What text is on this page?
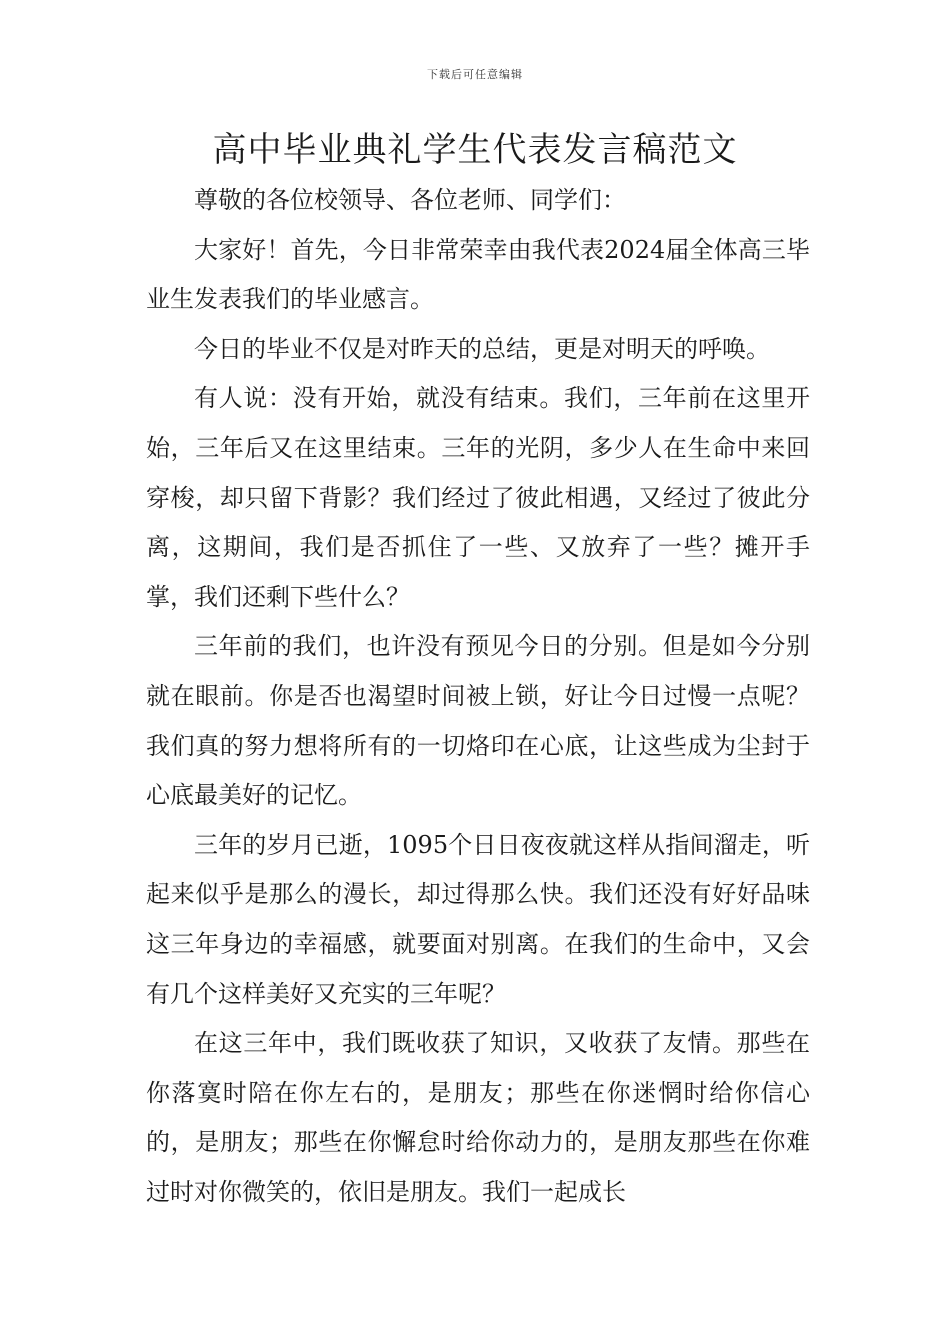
下载后可任意编辑
高中毕业典礼学生代表发言稿范文

尊敬的各位校领导、各位老师、同学们：

大家好！首先，今日非常荣幸由我代表2024届全体高三毕业生发表我们的毕业感言。

今日的毕业不仅是对昨天的总结，更是对明天的呼唤。

有人说：没有开始，就没有结束。我们，三年前在这里开始，三年后又在这里结束。三年的光阴，多少人在生命中来回穿梭，却只留下背影？我们经过了彼此相遇，又经过了彼此分离，这期间，我们是否抓住了一些、又放弃了一些？摊开手掌，我们还剩下些什么？

三年前的我们，也许没有预见今日的分别。但是如今分别就在眼前。你是否也渴望时间被上锁，好让今日过慢一点呢？我们真的努力想将所有的一切烙印在心底，让这些成为尘封于心底最美好的记忆。

三年的岁月已逝，1095个日日夜夜就这样从指间溜走，听起来似乎是那么的漫长，却过得那么快。我们还没有好好品味这三年身边的幸福感，就要面对别离。在我们的生命中，又会有几个这样美好又充实的三年呢？

在这三年中，我们既收获了知识，又收获了友情。那些在你落寞时陪在你左右的，是朋友；那些在你迷惘时给你信心的，是朋友；那些在你懈怠时给你动力的，是朋友那些在你难过时对你微笑的，依旧是朋友。我们一起成长
